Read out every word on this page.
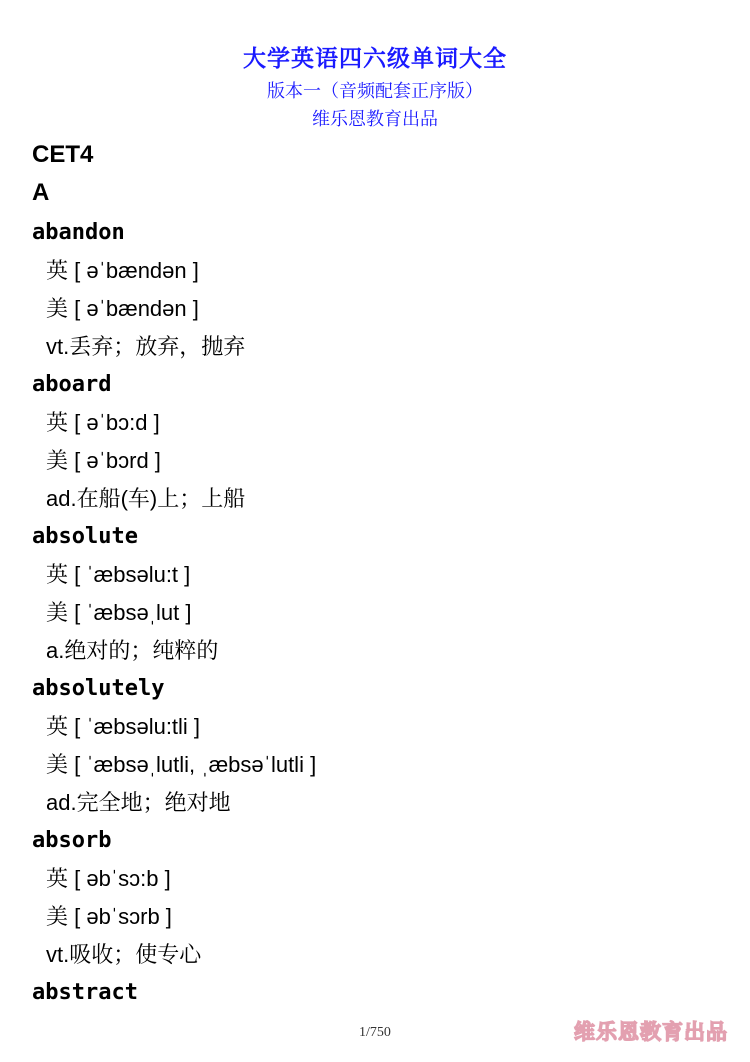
大学英语四六级单词大全
版本一（音频配套正序版）
维乐恩教育出品
CET4
A
abandon
英 [ əˈbændən ]
美 [ əˈbændən ]
vt.丢弃；放弃，抛弃
aboard
英 [ əˈbɔ:d ]
美 [ əˈbɔrd ]
ad.在船(车)上；上船
absolute
英 [ ˈæbsəlu:t ]
美 [ ˈæbsəˌlut ]
a.绝对的；纯粹的
absolutely
英 [ ˈæbsəlu:tli ]
美 [ ˈæbsəˌlutli, ˌæbsəˈlutli ]
ad.完全地；绝对地
absorb
英 [ əbˈsɔ:b ]
美 [ əbˈsɔrb ]
vt.吸收；使专心
abstract
1/750	维乐恩教育出品
